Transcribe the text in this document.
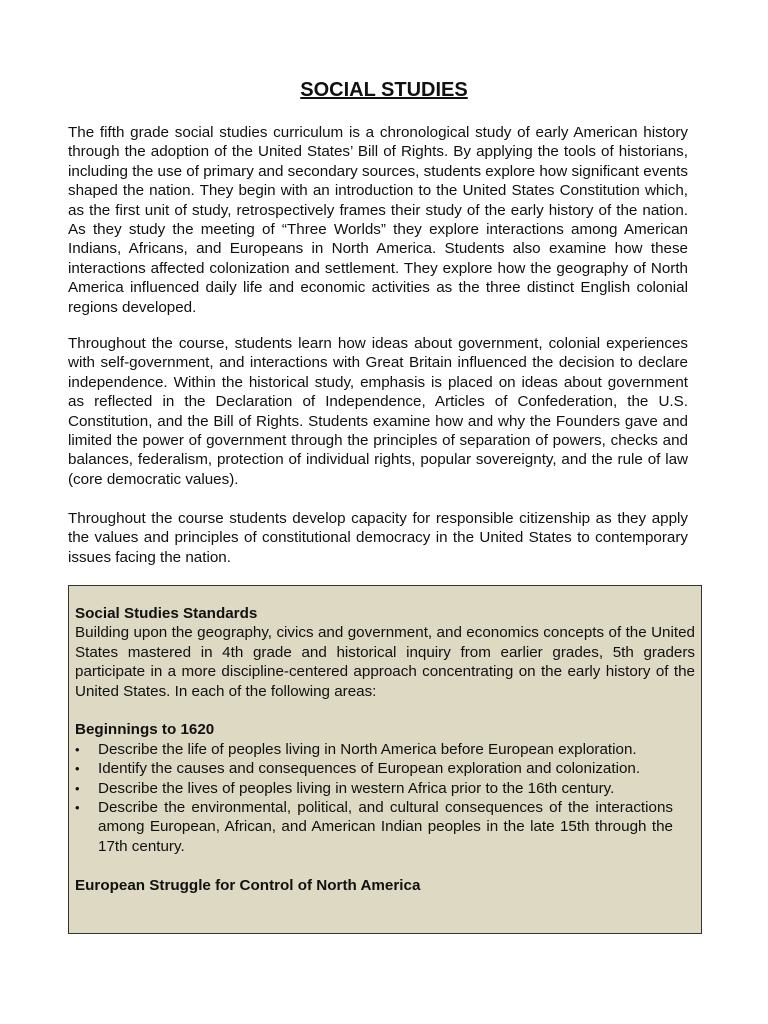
SOCIAL STUDIES

The fifth grade social studies curriculum is a chronological study of early American history through the adoption of the United States’ Bill of Rights. By applying the tools of historians, including the use of primary and secondary sources, students explore how significant events shaped the nation. They begin with an introduction to the United States Constitution which, as the first unit of study, retrospectively frames their study of the early history of the nation. As they study the meeting of “Three Worlds” they explore interactions among American Indians, Africans, and Europeans in North America. Students also examine how these interactions affected colonization and settlement. They explore how the geography of North America influenced daily life and economic activities as the three distinct English colonial regions developed.

Throughout the course, students learn how ideas about government, colonial experiences with self-government, and interactions with Great Britain influenced the decision to declare independence. Within the historical study, emphasis is placed on ideas about government as reflected in the Declaration of Independence, Articles of Confederation, the U.S. Constitution, and the Bill of Rights. Students examine how and why the Founders gave and limited the power of government through the principles of separation of powers, checks and balances, federalism, protection of individual rights, popular sovereignty, and the rule of law (core democratic values).

Throughout the course students develop capacity for responsible citizenship as they apply the values and principles of constitutional democracy in the United States to contemporary issues facing the nation.

Social Studies Standards

Building upon the geography, civics and government, and economics concepts of the United States mastered in 4th grade and historical inquiry from earlier grades, 5th graders participate in a more discipline-centered approach concentrating on the early history of the United States. In each of the following areas:

Beginnings to 1620

• Describe the life of peoples living in North America before European exploration.
• Identify the causes and consequences of European exploration and colonization.
• Describe the lives of peoples living in western Africa prior to the 16th century.
• Describe the environmental, political, and cultural consequences of the interactions among European, African, and American Indian peoples in the late 15th through the 17th century.

European Struggle for Control of North America
